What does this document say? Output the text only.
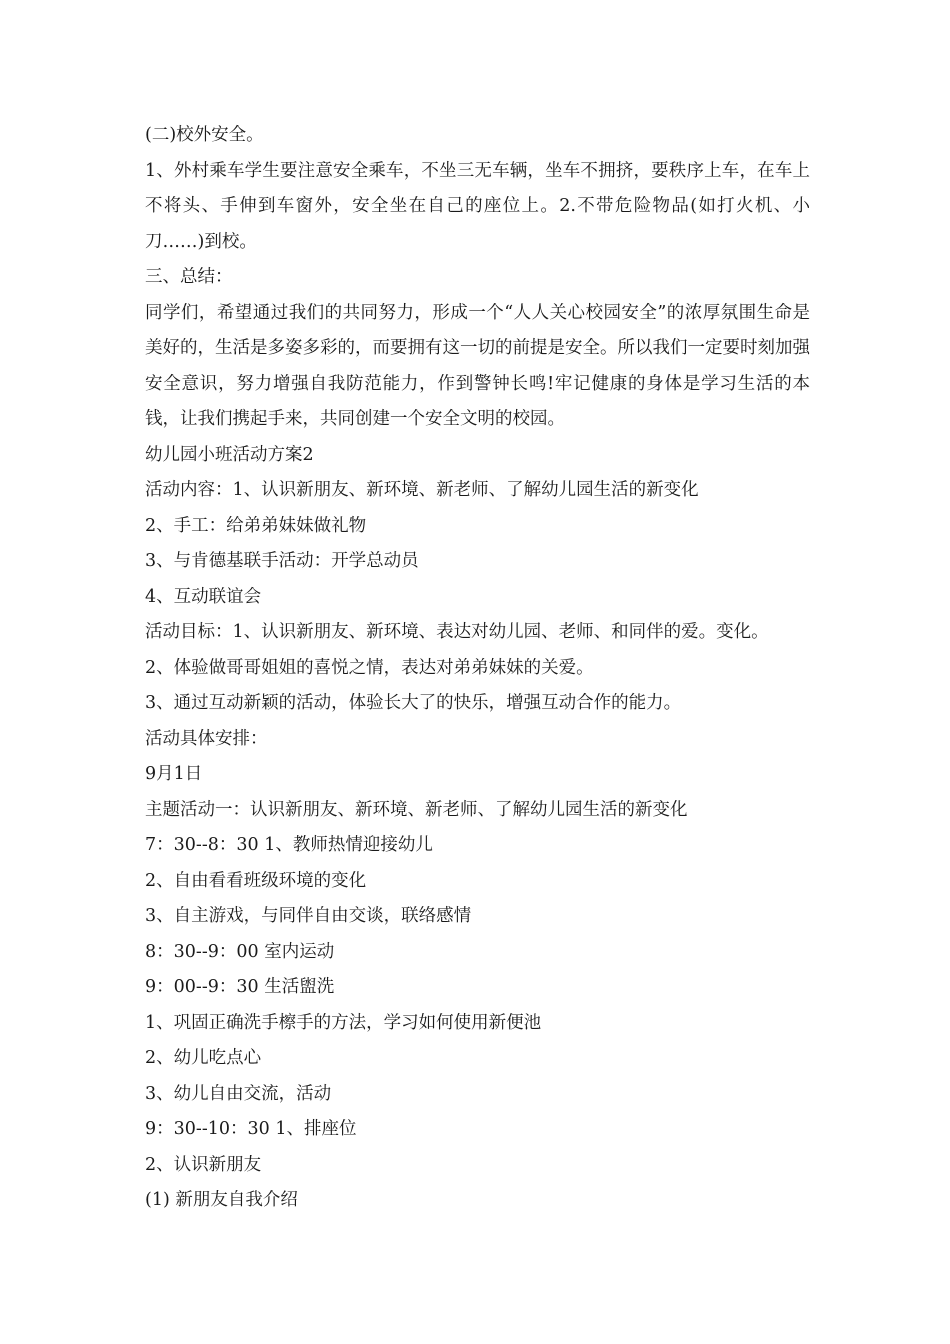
(二)校外安全。
1、外村乘车学生要注意安全乘车，不坐三无车辆，坐车不拥挤，要秩序上车，在车上不将头、手伸到车窗外，安全坐在自己的座位上。2.不带危险物品(如打火机、小刀……)到校。
三、总结：
同学们，希望通过我们的共同努力，形成一个“人人关心校园安全”的浓厚氛围生命是美好的，生活是多姿多彩的，而要拥有这一切的前提是安全。所以我们一定要时刻加强安全意识，努力增强自我防范能力，作到警钟长鸣!牢记健康的身体是学习生活的本钱，让我们携起手来，共同创建一个安全文明的校园。
幼儿园小班活动方案2
活动内容：1、认识新朋友、新环境、新老师、了解幼儿园生活的新变化
2、手工：给弟弟妹妹做礼物
3、与肯德基联手活动：开学总动员
4、互动联谊会
活动目标：1、认识新朋友、新环境、表达对幼儿园、老师、和同伴的爱。变化。
2、体验做哥哥姐姐的喜悦之情，表达对弟弟妹妹的关爱。
3、通过互动新颖的活动，体验长大了的快乐，增强互动合作的能力。
活动具体安排：
9月1日
主题活动一：认识新朋友、新环境、新老师、了解幼儿园生活的新变化
7：30--8：30 1、教师热情迎接幼儿
2、自由看看班级环境的变化
3、自主游戏，与同伴自由交谈，联络感情
8：30--9：00 室内运动
9：00--9：30 生活盥洗
1、巩固正确洗手檫手的方法，学习如何使用新便池
2、幼儿吃点心
3、幼儿自由交流，活动
9：30--10：30 1、排座位
2、认识新朋友
(1) 新朋友自我介绍
